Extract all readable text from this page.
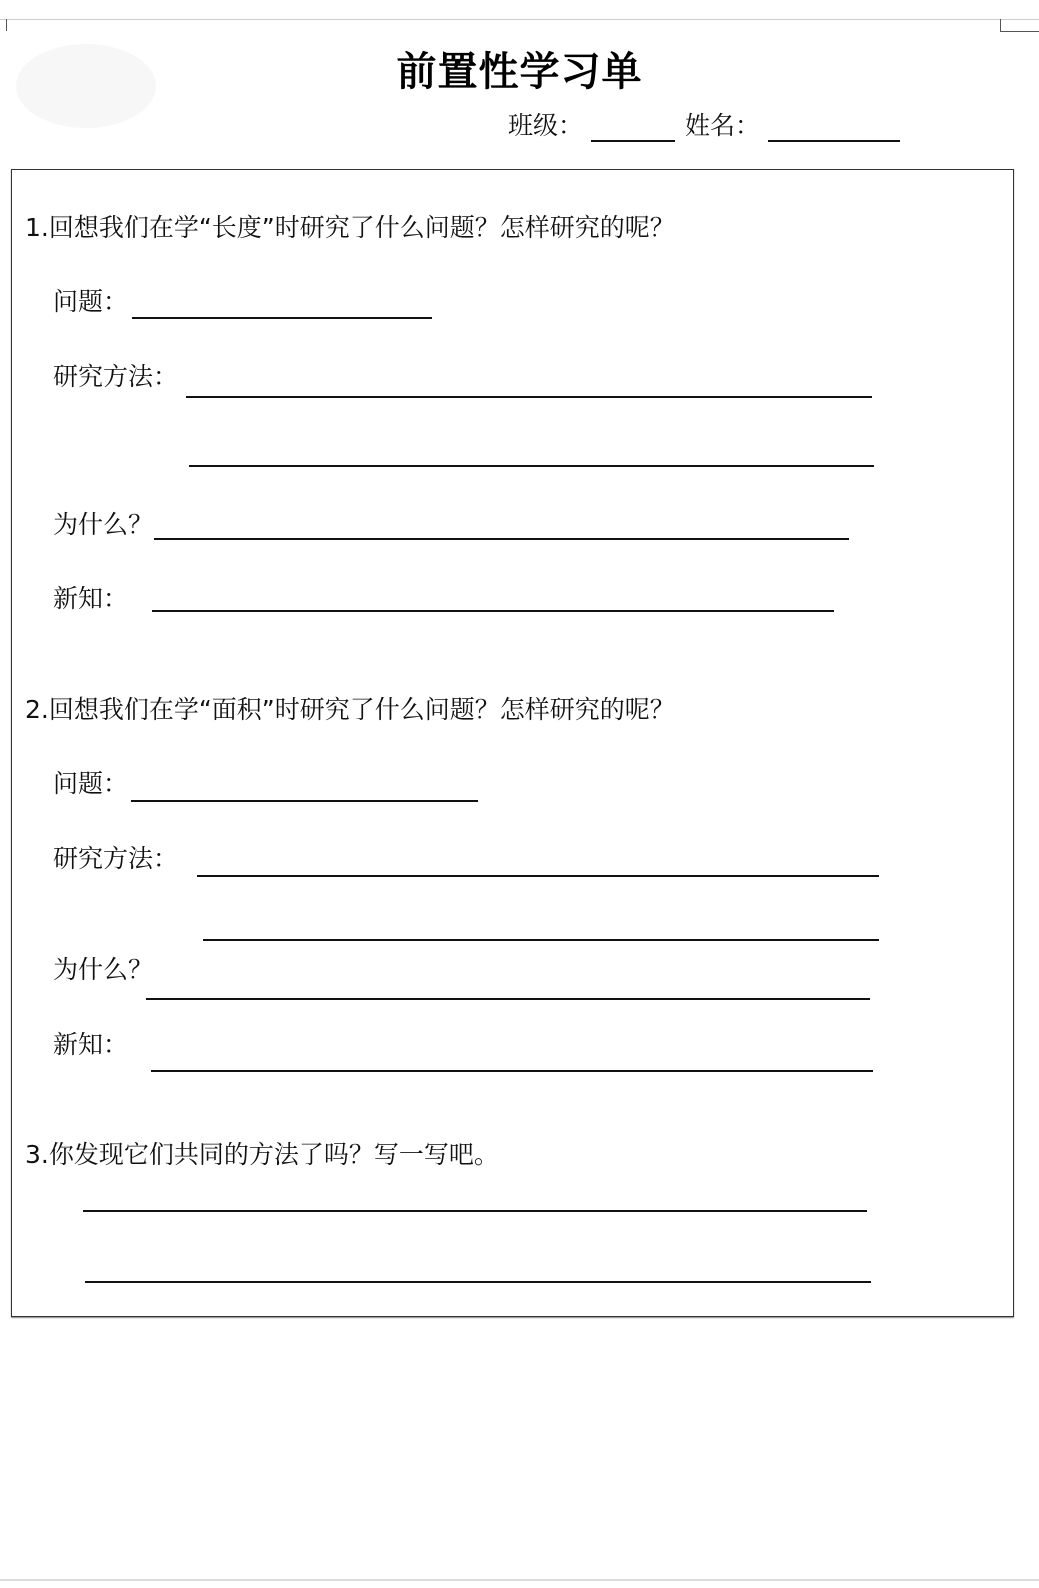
前置性学习单
班级：	姓名：
1.回想我们在学“长度”时研究了什么问题？怎样研究的呢？
问题：
研究方法：
为什么？
新知：
2.回想我们在学“面积”时研究了什么问题？怎样研究的呢？
问题：
研究方法：
为什么？
新知：
3.你发现它们共同的方法了吗？写一写吧。
